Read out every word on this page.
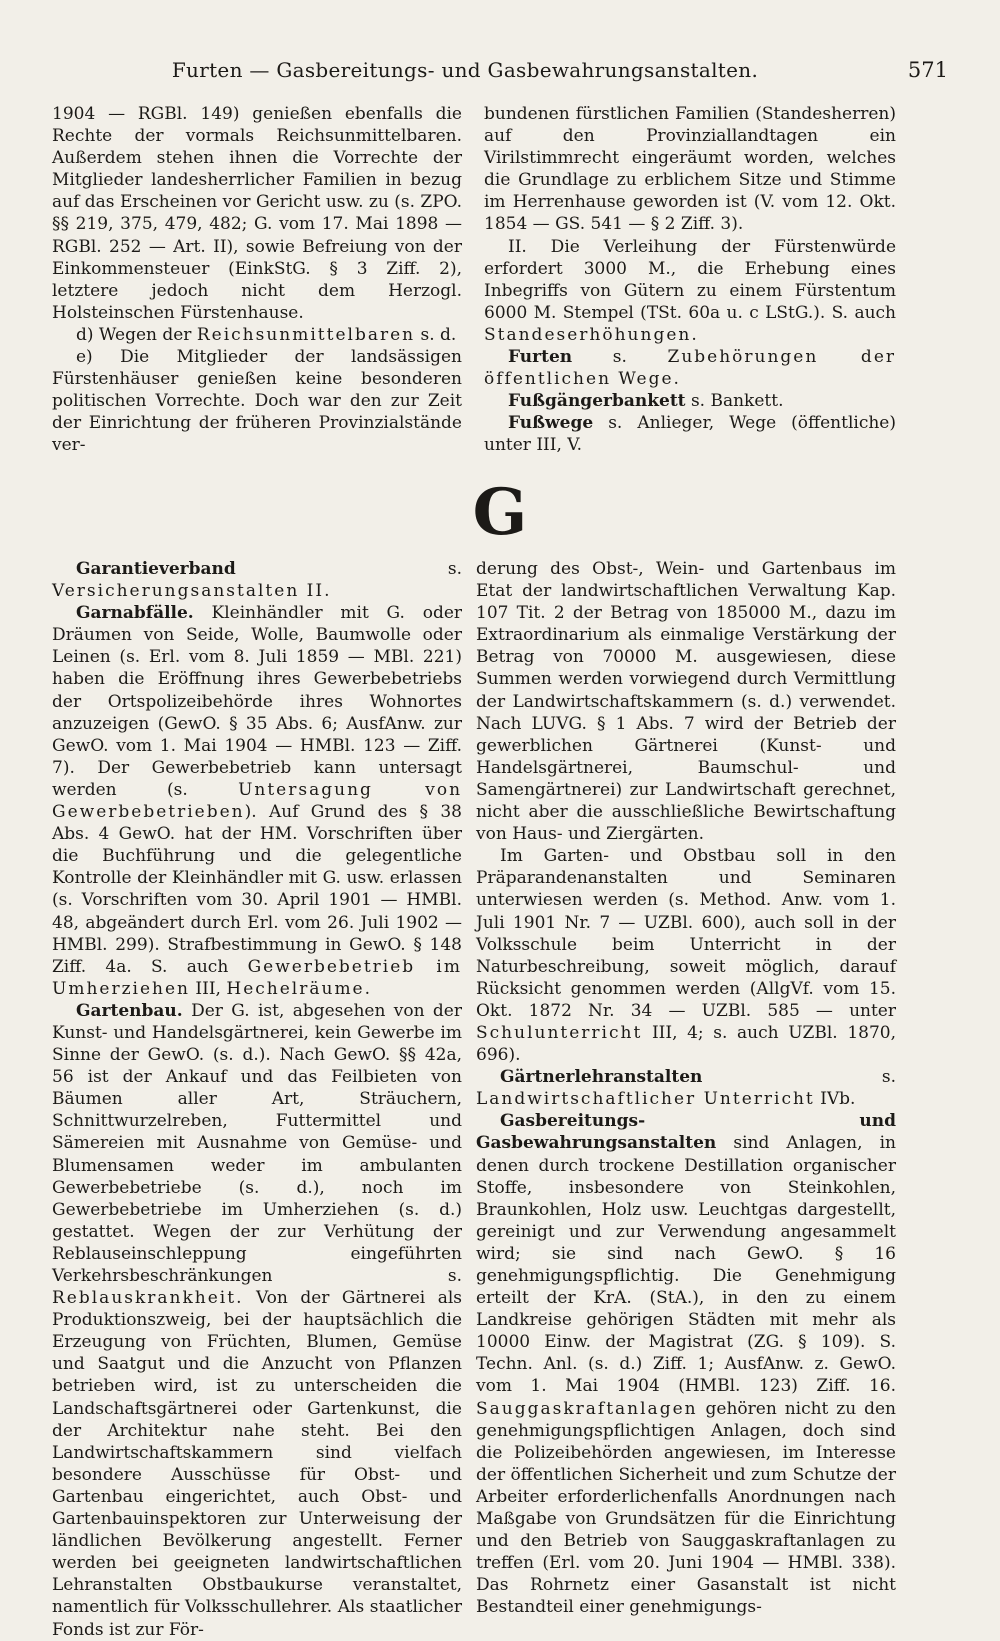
Furten — Gasbereitungs- und Gasbewahrungsanstalten.	571

1904 — RGBl. 149) genießen ebenfalls die Rechte der vormals Reichsunmittelbaren. Außerdem stehen ihnen die Vorrechte der Mitglieder landesherrlicher Familien in bezug auf das Erscheinen vor Gericht usw. zu (s. ZPO. §§ 219, 375, 479, 482; G. vom 17. Mai 1898 — RGBl. 252 — Art. II), sowie Befreiung von der Einkommensteuer (EinkStG. § 3 Ziff. 2), letztere jedoch nicht dem Herzogl. Holsteinschen Fürstenhause.

d) Wegen der Reichsunmittelbaren s. d.

e) Die Mitglieder der landsässigen Fürstenhäuser genießen keine besonderen politischen Vorrechte. Doch war den zur Zeit der Einrichtung der früheren Provinzialstände ver-

bundenen fürstlichen Familien (Standesherren) auf den Provinziallandtagen ein Virilstimmrecht eingeräumt worden, welches die Grundlage zu erblichem Sitze und Stimme im Herrenhause geworden ist (V. vom 12. Okt. 1854 — GS. 541 — § 2 Ziff. 3).

II. Die Verleihung der Fürstenwürde erfordert 3000 M., die Erhebung eines Inbegriffs von Gütern zu einem Fürstentum 6000 M. Stempel (TSt. 60a u. c LStG.). S. auch Standeserhöhungen.

Furten s. Zubehörungen der öffentlichen Wege.

Fußgängerbankett s. Bankett.

Fußwege s. Anlieger, Wege (öffentliche) unter III, V.

G

Garantieverband	s. Versicherungsanstalten II.

Garnabfälle. Kleinhändler mit G. oder Dräumen von Seide, Wolle, Baumwolle oder Leinen (s. Erl. vom 8. Juli 1859 — MBl. 221) haben die Eröffnung ihres Gewerbebetriebs der Ortspolizeibehörde ihres Wohnortes anzuzeigen (GewO. § 35 Abs. 6; AusfAnw. zur GewO. vom 1. Mai 1904 — HMBl. 123 — Ziff. 7). Der Gewerbebetrieb kann untersagt werden (s.	Untersagung von Gewerbebetrieben). Auf Grund des § 38 Abs. 4 GewO. hat der HM. Vorschriften über die Buchführung und die gelegentliche Kontrolle der Kleinhändler mit G. usw. erlassen (s. Vorschriften vom 30. April 1901 — HMBl. 48, abgeändert durch Erl. vom 26. Juli 1902 — HMBl. 299). Strafbestimmung in GewO. § 148 Ziff. 4a. S. auch Gewerbebetrieb im Umherziehen III, Hechelräume.

Gartenbau. Der G. ist, abgesehen von der Kunst- und Handelsgärtnerei, kein Gewerbe im Sinne der GewO. (s. d.). Nach GewO. §§ 42a, 56 ist der Ankauf und das Feilbieten von Bäumen aller Art, Sträuchern, Schnittwurzelreben, Futtermittel und Sämereien mit Ausnahme von Gemüse- und Blumensamen weder im ambulanten Gewerbebetriebe (s. d.), noch im Gewerbebetriebe im Umherziehen (s. d.) gestattet. Wegen der zur Verhütung der Reblauseinschleppung eingeführten Verkehrsbeschränkungen s. Reblauskrankheit. Von der Gärtnerei als Produktionszweig, bei der hauptsächlich die Erzeugung von Früchten, Blumen, Gemüse und Saatgut und die Anzucht von Pflanzen betrieben wird, ist zu unterscheiden die Landschaftsgärtnerei oder Gartenkunst, die der Architektur nahe steht. Bei den Landwirtschaftskammern sind vielfach besondere Ausschüsse für Obst- und Gartenbau eingerichtet, auch Obst- und Gartenbauinspektoren zur Unterweisung der ländlichen Bevölkerung angestellt. Ferner werden bei geeigneten landwirtschaftlichen Lehranstalten Obstbaukurse veranstaltet, namentlich für Volksschullehrer. Als staatlicher Fonds ist zur För-

derung des Obst-, Wein- und Gartenbaus im Etat der landwirtschaftlichen Verwaltung Kap. 107 Tit. 2 der Betrag von 185000 M., dazu im Extraordinarium als einmalige Verstärkung der Betrag von 70000 M. ausgewiesen, diese Summen werden vorwiegend durch Vermittlung der Landwirtschaftskammern (s. d.) verwendet. Nach LUVG. § 1 Abs. 7 wird der Betrieb der gewerblichen Gärtnerei (Kunst- und Handelsgärtnerei, Baumschul- und Samengärtnerei) zur Landwirtschaft gerechnet, nicht aber die ausschließliche Bewirtschaftung von Haus- und Ziergärten.

Im Garten- und Obstbau soll in den Präparandenanstalten und Seminaren unterwiesen werden (s. Method. Anw. vom 1. Juli 1901 Nr. 7 — UZBl. 600), auch soll in der Volksschule beim Unterricht in der Naturbeschreibung, soweit möglich, darauf Rücksicht genommen werden (AllgVf. vom 15. Okt. 1872 Nr. 34 — UZBl. 585 — unter Schulunterricht III, 4; s. auch UZBl. 1870, 696).

Gärtnerlehranstalten	s. Landwirtschaftlicher Unterricht IVb.

Gasbereitungs- und Gasbewahrungsanstalten sind Anlagen, in denen durch trockene Destillation organischer Stoffe, insbesondere von Steinkohlen, Braunkohlen, Holz usw. Leuchtgas dargestellt, gereinigt und zur Verwendung angesammelt wird; sie sind nach GewO. § 16 genehmigungspflichtig. Die Genehmigung erteilt der KrA. (StA.), in den zu einem Landkreise gehörigen Städten mit mehr als 10000 Einw. der Magistrat (ZG. § 109). S. Techn. Anl. (s. d.) Ziff. 1; AusfAnw. z. GewO. vom 1. Mai 1904 (HMBl. 123) Ziff. 16. Sauggaskraftanlagen gehören nicht zu den genehmigungspflichtigen Anlagen, doch sind die Polizeibehörden angewiesen, im Interesse der öffentlichen Sicherheit und zum Schutze der Arbeiter erforderlichenfalls Anordnungen nach Maßgabe von Grundsätzen für die Einrichtung und den Betrieb von Sauggaskraftanlagen zu treffen (Erl. vom 20. Juni 1904 — HMBl. 338). Das Rohrnetz einer Gasanstalt ist nicht Bestandteil einer genehmigungs-
